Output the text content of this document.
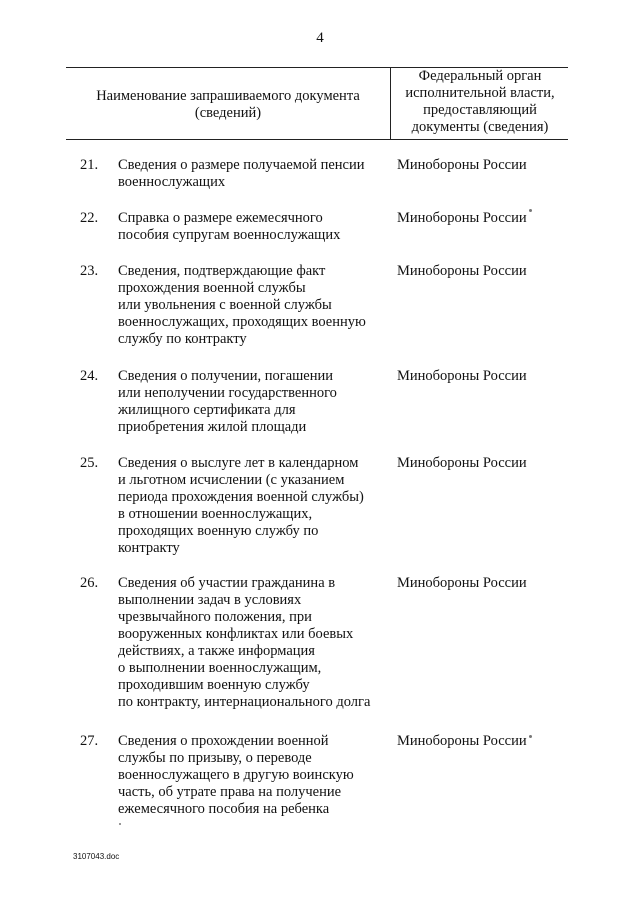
4
Наименование запрашиваемого документа
(сведений)
Федеральный орган
исполнительной власти,
предоставляющий
документы (сведения)
21.	Сведения о размере получаемой пенсии
военнослужащих
Минобороны России
22.	Справка о размере ежемесячного
пособия супругам военнослужащих
Минобороны России
23.	Сведения, подтверждающие факт
прохождения военной службы
или увольнения с военной службы
военнослужащих, проходящих военную
службу по контракту
Минобороны России
24.	Сведения о получении, погашении
или неполучении государственного
жилищного сертификата для
приобретения жилой площади
Минобороны России
25.	Сведения о выслуге лет в календарном
и льготном исчислении (с указанием
периода прохождения военной службы)
в отношении военнослужащих,
проходящих военную службу по
контракту
Минобороны России
26.	Сведения об участии гражданина в
выполнении задач в условиях
чрезвычайного положения, при
вооруженных конфликтах или боевых
действиях, а также информация
о выполнении военнослужащим,
проходившим военную службу
по контракту, интернационального долга
Минобороны России
27.	Сведения о прохождении военной
службы по призыву, о переводе
военнослужащего в другую воинскую
часть, об утрате права на получение
ежемесячного пособия на ребенка
Минобороны России
3107043.doc
